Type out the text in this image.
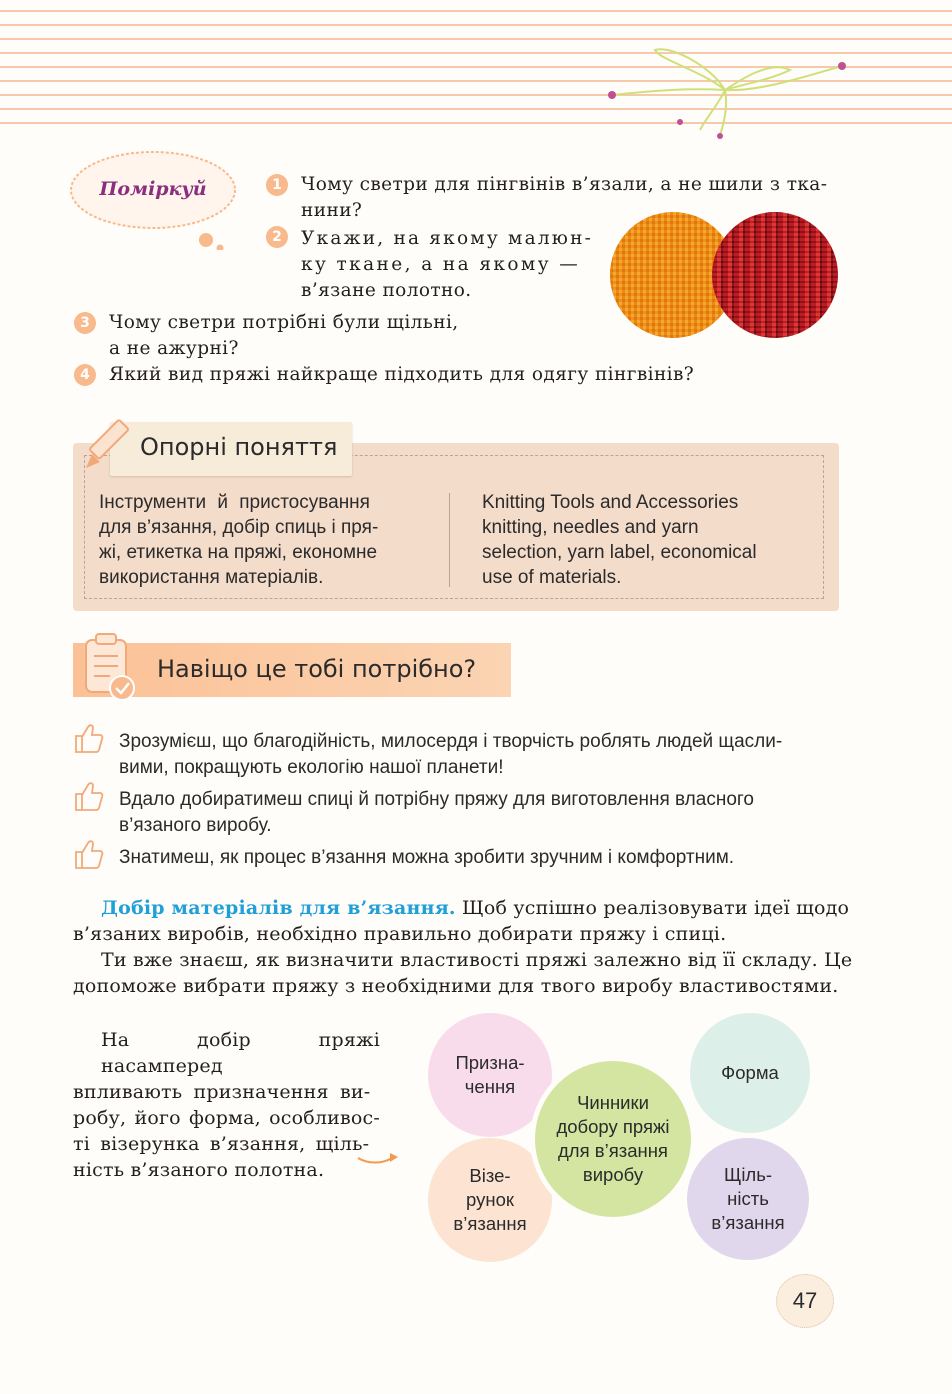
Поміркуй	1	Чому светри для пінгвінів в’язали, а не шили з тка-
нини?
2	Укажи, на якому малюн-
ку тκане, а на якому —
в’язане полотно.
3	Чому светри потрібні були щільні,
а не ажурні?
4	Який вид пряжі найкраще підходить для одягу пінгвінів?
Опорні поняття
Інструменти й пристосування
для в’язання, добір спиць і пря-
жі, етикетка на пряжі, економне
використання матеріалів.
Knitting Tools and Accessories
knitting, needles and yarn
selection, yarn label, economical
use of materials.
Навіщо це тобі потрібно?
Зрозумієш, що благодійність, милосердя і творчість роблять людей щасли-
вими, покращують екологію нашої планети!
Вдало добиратимеш спиці й потрібну пряжу для виготовлення власного
в’язаного виробу.
Знатимеш, як процес в’язання можна зробити зручним і комфортним.
Добір матеріалів для в’язання. Щоб успішно реалізовувати ідеї щодо
в’язаних виробів, необхідно правильно добирати пряжу і спиці.
Ти вже знаєш, як визначити властивості пряжі залежно від її складу. Це
допоможе вибрати пряжу з необхідними для твого виробу властивостями.
На добір пряжі насамперед
впливають призначення ви-
робу, його форма, особливос-
ті візерунка в’язання, щіль-
ність в’язаного полотна.
Призна-
чення
Форма
Візе-
рунок
в’язання
Щіль-
ність
в’язання
Чинники
добору пряжі
для в’язання
виробу
47
